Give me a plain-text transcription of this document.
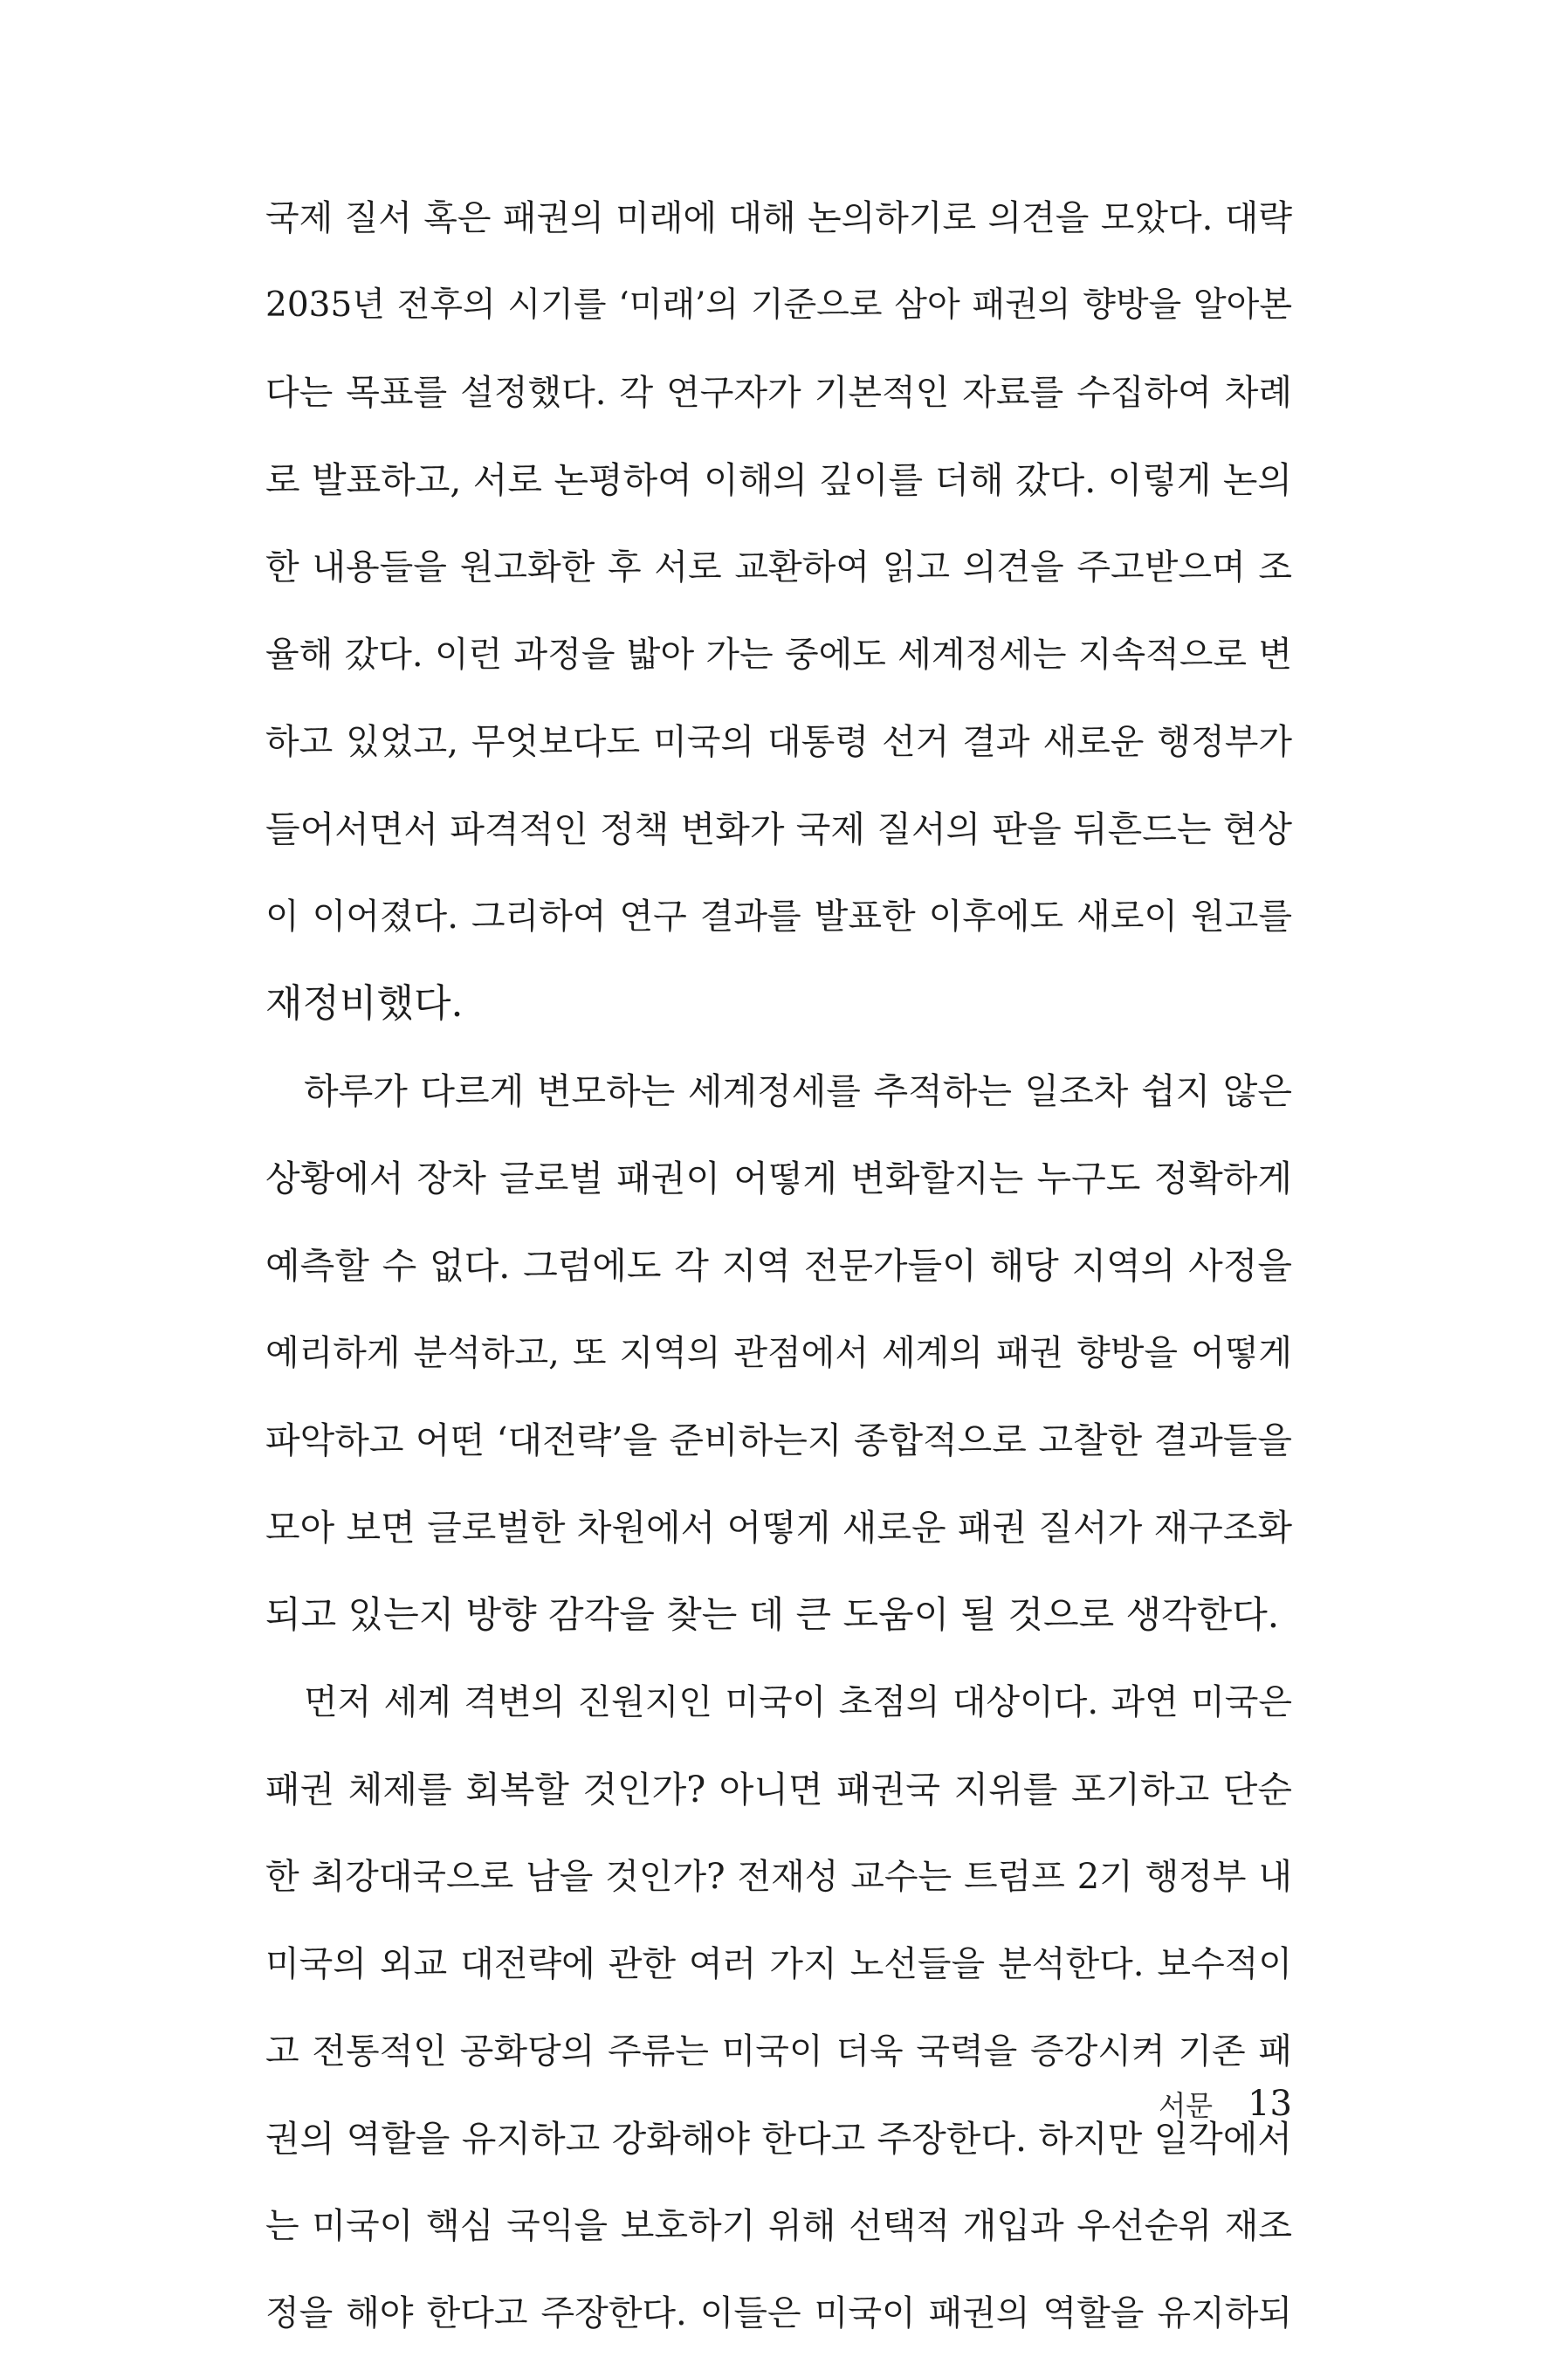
국제 질서 혹은 패권의 미래에 대해 논의하기로 의견을 모았다. 대략
2035년 전후의 시기를 ‘미래’의 기준으로 삼아 패권의 향방을 알아본
다는 목표를 설정했다. 각 연구자가 기본적인 자료를 수집하여 차례
로 발표하고, 서로 논평하여 이해의 깊이를 더해 갔다. 이렇게 논의
한 내용들을 원고화한 후 서로 교환하여 읽고 의견을 주고받으며 조
율해 갔다. 이런 과정을 밟아 가는 중에도 세계정세는 지속적으로 변
하고 있었고, 무엇보다도 미국의 대통령 선거 결과 새로운 행정부가
들어서면서 파격적인 정책 변화가 국제 질서의 판을 뒤흔드는 현상
이 이어졌다. 그리하여 연구 결과를 발표한 이후에도 새로이 원고를
재정비했다.
하루가 다르게 변모하는 세계정세를 추적하는 일조차 쉽지 않은
상황에서 장차 글로벌 패권이 어떻게 변화할지는 누구도 정확하게
예측할 수 없다. 그럼에도 각 지역 전문가들이 해당 지역의 사정을
예리하게 분석하고, 또 지역의 관점에서 세계의 패권 향방을 어떻게
파악하고 어떤 ‘대전략’을 준비하는지 종합적으로 고찰한 결과들을
모아 보면 글로벌한 차원에서 어떻게 새로운 패권 질서가 재구조화
되고 있는지 방향 감각을 찾는 데 큰 도움이 될 것으로 생각한다.
먼저 세계 격변의 진원지인 미국이 초점의 대상이다. 과연 미국은
패권 체제를 회복할 것인가? 아니면 패권국 지위를 포기하고 단순
한 최강대국으로 남을 것인가? 전재성 교수는 트럼프 2기 행정부 내
미국의 외교 대전략에 관한 여러 가지 노선들을 분석한다. 보수적이
고 전통적인 공화당의 주류는 미국이 더욱 국력을 증강시켜 기존 패
권의 역할을 유지하고 강화해야 한다고 주장한다. 하지만 일각에서
는 미국이 핵심 국익을 보호하기 위해 선택적 개입과 우선순위 재조
정을 해야 한다고 주장한다. 이들은 미국이 패권의 역할을 유지하되
서문 13
